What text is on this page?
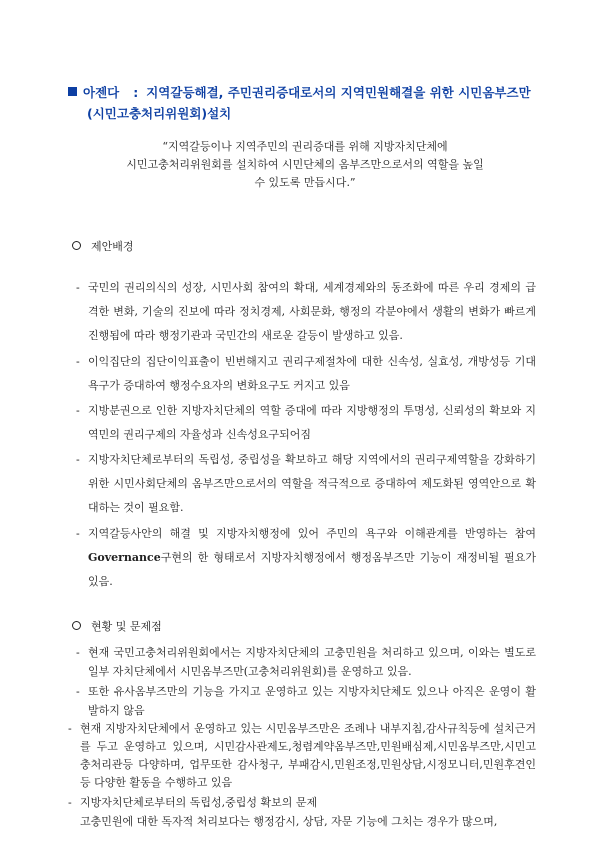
아젠다 : 지역갈등해결, 주민권리증대로서의 지역민원해결을 위한 시민옴부즈만
(시민고충처리위원회)설치
“지역갈등이나 지역주민의 권리증대를 위해 지방자치단체에
시민고충처리위원회를 설치하여 시민단체의 옴부즈만으로서의 역할을 높일
수 있도록 만듭시다.”
제안배경
- 국민의 권리의식의 성장, 시민사회 참여의 확대, 세계경제와의 동조화에 따른 우리 경제의 급격한 변화, 기술의 진보에 따라 정치경제, 사회문화, 행정의 각분야에서 생활의 변화가 빠르게 진행됨에 따라 행정기관과 국민간의 새로운 갈등이 발생하고 있음.
- 이익집단의 집단이익표출이 빈번해지고 권리구제절차에 대한 신속성, 실효성, 개방성등 기대욕구가 증대하여 행정수요자의 변화요구도 커지고 있음
- 지방분권으로 인한 지방자치단체의 역할 증대에 따라 지방행정의 투명성, 신뢰성의 확보와 지역민의 권리구제의 자율성과 신속성요구되어짐
- 지방자치단체로부터의 독립성, 중립성을 확보하고 해당 지역에서의 권리구제역할을 강화하기 위한 시민사회단체의 옴부즈만으로서의 역할을 적극적으로 증대하여 제도화된 영역안으로 확대하는 것이 필요함.
- 지역갈등사안의 해결 및 지방자치행정에 있어 주민의 욕구와 이해관계를 반영하는 참여 Governance구현의 한 형태로서 지방자치행정에서 행정옴부즈만 기능이 재정비될 필요가 있음.
현황 및 문제점
- 현재 국민고충처리위원회에서는 지방자치단체의 고충민원을 처리하고 있으며, 이와는 별도로 일부 자치단체에서 시민옴부즈만(고충처리위원회)를 운영하고 있음.
- 또한 유사옴부즈만의 기능을 가지고 운영하고 있는 지방자치단체도 있으나 아직은 운영이 활발하지 않음
- 현재 지방자치단체에서 운영하고 있는 시민옴부즈만은 조례나 내부지침,감사규칙등에 설치근거를 두고 운영하고 있으며, 시민감사관제도,청렴계약옴부즈만,민원배심제,시민옴부즈만,시민고충처리관등 다양하며, 업무또한 감사청구, 부패감시,민원조정,민원상담,시정모니터,민원후견인등 다양한 활동을 수행하고 있음
- 지방자치단체로부터의 독립성,중립성 확보의 문제
고충민원에 대한 독자적 처리보다는 행정감시, 상담, 자문 기능에 그치는 경우가 많으며,
